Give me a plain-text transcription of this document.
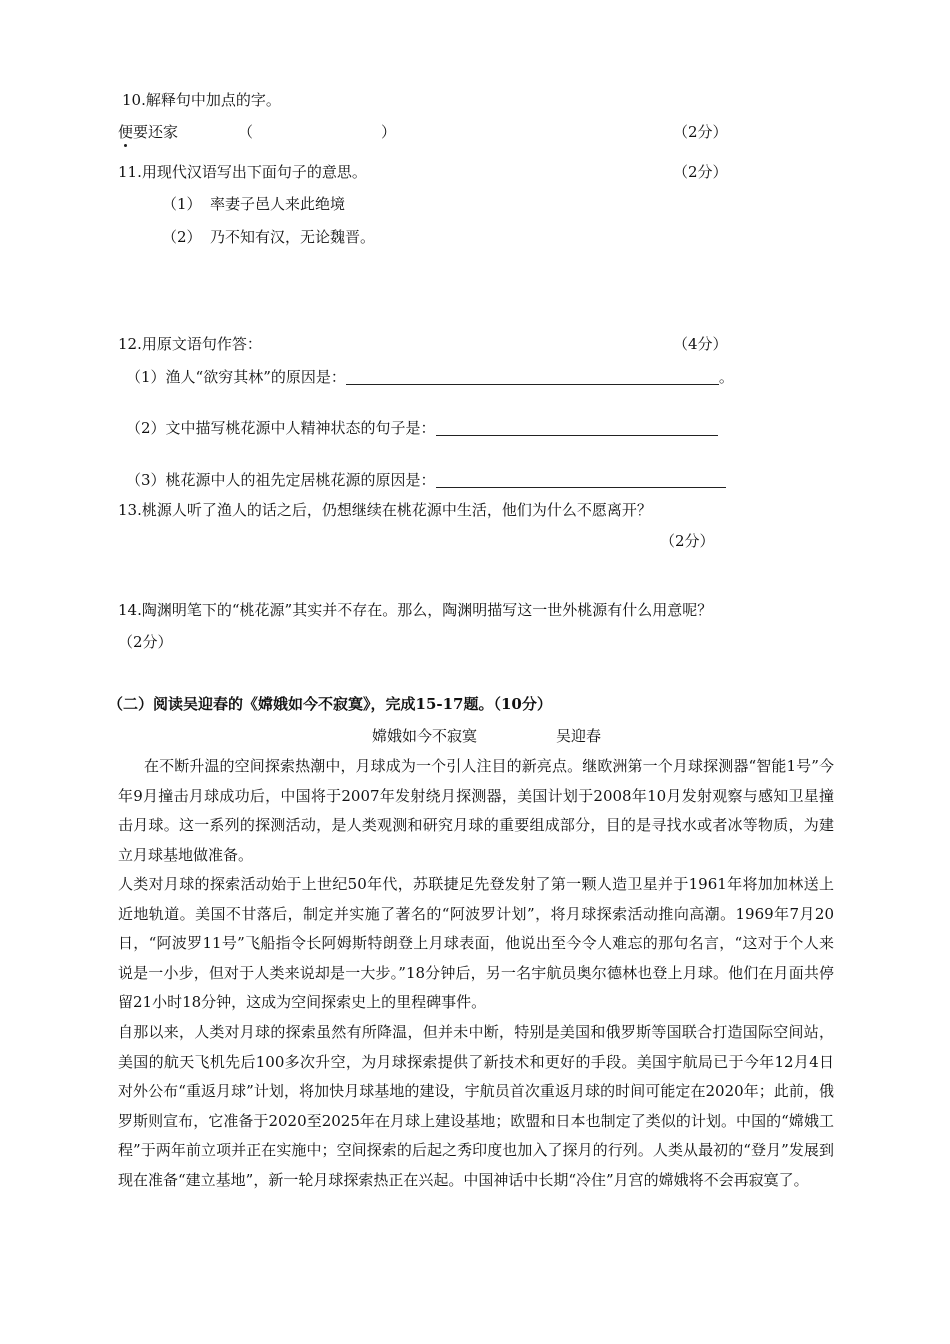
10.解释句中加点的字。
便要还家	（	）	（2分）
11.用现代汉语写出下面句子的意思。	（2分）
（1） 率妻子邑人来此绝境
（2） 乃不知有汉，无论魏晋。
12.用原文语句作答：	（4分）
（1）渔人“欲穷其林”的原因是：	。
（2）文中描写桃花源中人精神状态的句子是：
（3）桃花源中人的祖先定居桃花源的原因是：
13.桃源人听了渔人的话之后，仍想继续在桃花源中生活，他们为什么不愿离开？
（2分）
14.陶渊明笔下的“桃花源”其实并不存在。那么，陶渊明描写这一世外桃源有什么用意呢？
（2分）
（二）阅读吴迎春的《嫦娥如今不寂寞》，完成15-17题。（10分）
嫦娥如今不寂寞	吴迎春

在不断升温的空间探索热潮中，月球成为一个引人注目的新亮点。继欧洲第一个月球探测器“智能1号”今年9月撞击月球成功后，中国将于2007年发射绕月探测器，美国计划于2008年10月发射观察与感知卫星撞击月球。这一系列的探测活动，是人类观测和研究月球的重要组成部分，目的是寻找水或者冰等物质，为建立月球基地做准备。

人类对月球的探索活动始于上世纪50年代，苏联捷足先登发射了第一颗人造卫星并于1961年将加加林送上近地轨道。美国不甘落后，制定并实施了著名的“阿波罗计划”，将月球探索活动推向高潮。1969年7月20日，“阿波罗11号”飞船指令长阿姆斯特朗登上月球表面，他说出至今令人难忘的那句名言，“这对于个人来说是一小步，但对于人类来说却是一大步。”18分钟后，另一名宇航员奥尔德林也登上月球。他们在月面共停留21小时18分钟，这成为空间探索史上的里程碑事件。

自那以来，人类对月球的探索虽然有所降温，但并未中断，特别是美国和俄罗斯等国联合打造国际空间站，美国的航天飞机先后100多次升空，为月球探索提供了新技术和更好的手段。美国宇航局已于今年12月4日对外公布“重返月球”计划，将加快月球基地的建设，宇航员首次重返月球的时间可能定在2020年；此前，俄罗斯则宣布，它准备于2020至2025年在月球上建设基地；欧盟和日本也制定了类似的计划。中国的“嫦娥工程”于两年前立项并正在实施中；空间探索的后起之秀印度也加入了探月的行列。人类从最初的“登月”发展到现在准备“建立基地”，新一轮月球探索热正在兴起。中国神话中长期“冷住”月宫的嫦娥将不会再寂寞了。
